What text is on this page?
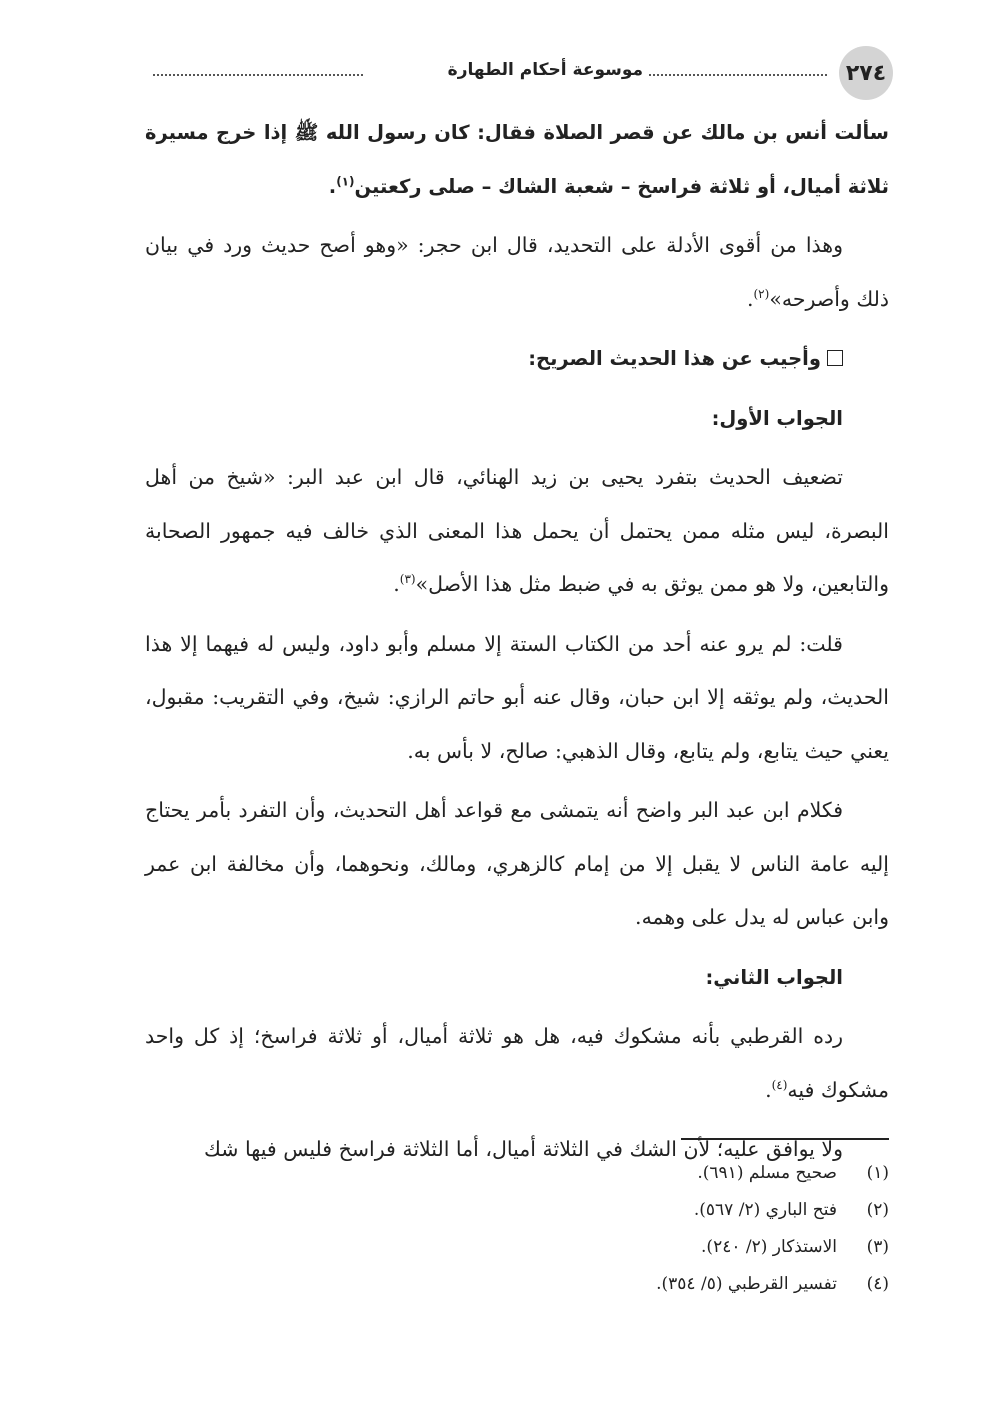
٢٧٤
موسوعة أحكام الطهارة

سألت أنس بن مالك عن قصر الصلاة فقال: كان رسول الله ﷺ إذا خرج مسيرة ثلاثة أميال، أو ثلاثة فراسخ – شعبة الشاك – صلى ركعتين$^{(١)}$.

وهذا من أقوى الأدلة على التحديد، قال ابن حجر: «وهو أصح حديث ورد في بيان ذلك وأصرحه»$^{(٢)}$.

وأجيب عن هذا الحديث الصريح:

الجواب الأول:

تضعيف الحديث بتفرد يحيى بن زيد الهنائي، قال ابن عبد البر: «شيخ من أهل البصرة، ليس مثله ممن يحتمل أن يحمل هذا المعنى الذي خالف فيه جمهور الصحابة والتابعين، ولا هو ممن يوثق به في ضبط مثل هذا الأصل»$^{(٣)}$.

قلت: لم يرو عنه أحد من الكتاب الستة إلا مسلم وأبو داود، وليس له فيهما إلا هذا الحديث، ولم يوثقه إلا ابن حبان، وقال عنه أبو حاتم الرازي: شيخ، وفي التقريب: مقبول، يعني حيث يتابع، ولم يتابع، وقال الذهبي: صالح، لا بأس به.

فكلام ابن عبد البر واضح أنه يتمشى مع قواعد أهل التحديث، وأن التفرد بأمر يحتاج إليه عامة الناس لا يقبل إلا من إمام كالزهري، ومالك، ونحوهما، وأن مخالفة ابن عمر وابن عباس له يدل على وهمه.

الجواب الثاني:

رده القرطبي بأنه مشكوك فيه، هل هو ثلاثة أميال، أو ثلاثة فراسخ؛ إذ كل واحد مشكوك فيه$^{(٤)}$.

ولا يوافق عليه؛ لأن الشك في الثلاثة أميال، أما الثلاثة فراسخ فليس فيها شك

(١)صحيح مسلم (٦٩١).
(٢)فتح الباري (٢/ ٥٦٧).
(٣)الاستذكار (٢/ ٢٤٠).
(٤)تفسير القرطبي (٥/ ٣٥٤).
